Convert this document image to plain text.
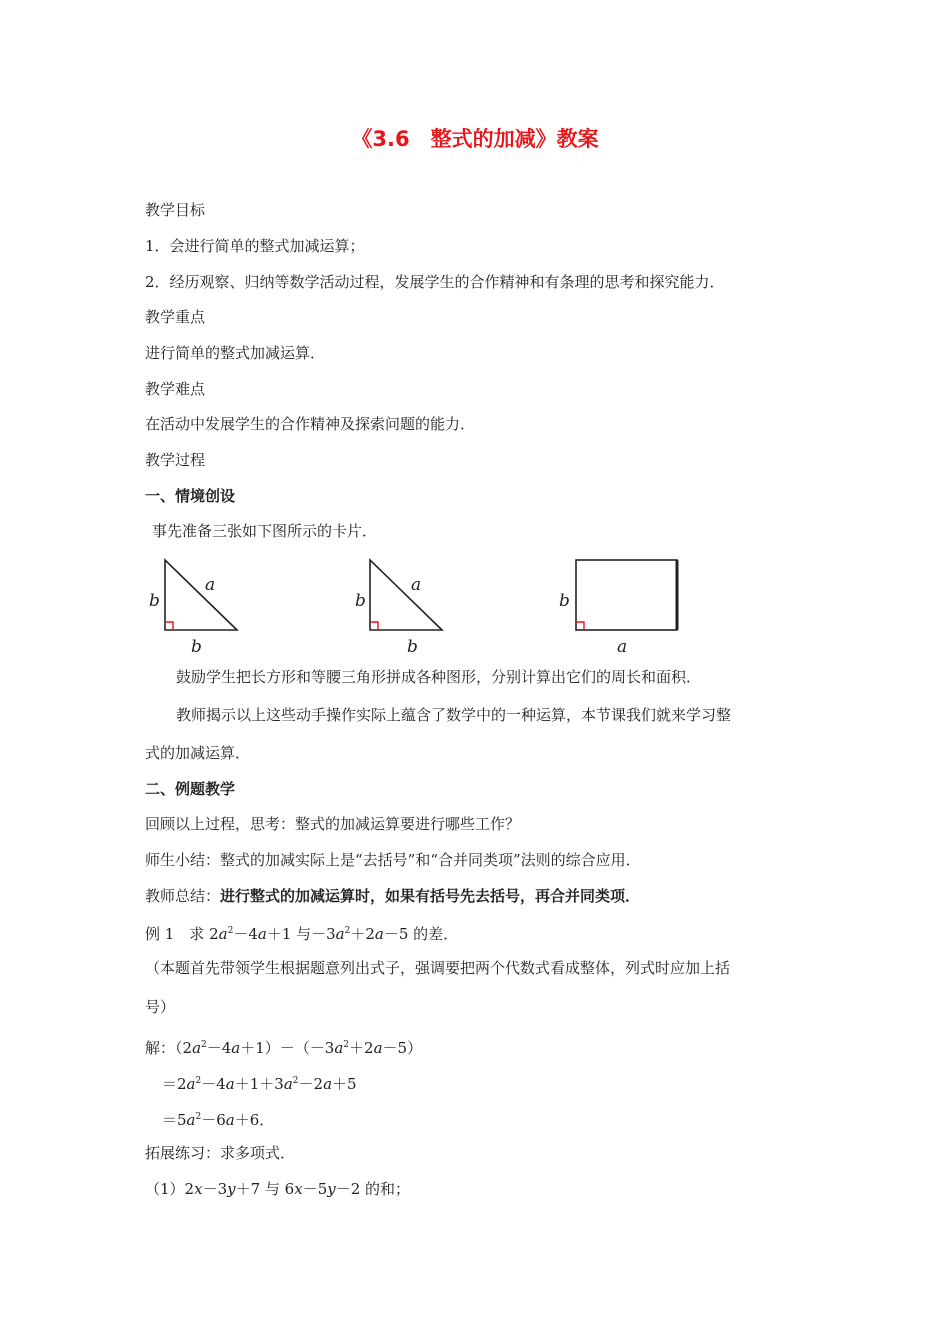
《3.6　整式的加减》教案
教学目标
1．会进行简单的整式加减运算；
2．经历观察、归纳等数学活动过程，发展学生的合作精神和有条理的思考和探究能力．
教学重点
进行简单的整式加减运算．
教学难点
在活动中发展学生的合作精神及探索问题的能力．
教学过程
一、情境创设
事先准备三张如下图所示的卡片．
b
a
b
b
a
b
b
a
鼓励学生把长方形和等腰三角形拼成各种图形，分别计算出它们的周长和面积．
教师揭示以上这些动手操作实际上蕴含了数学中的一种运算，本节课我们就来学习整
式的加减运算．
二、例题教学
回顾以上过程，思考：整式的加减运算要进行哪些工作？
师生小结：整式的加减实际上是“去括号”和“合并同类项”法则的综合应用．
教师总结：进行整式的加减运算时，如果有括号先去括号，再合并同类项．
例 1　求 $2a^2-4a+1$ 与$-3a^2+2a-5$ 的差．
（本题首先带领学生根据题意列出式子，强调要把两个代数式看成整体，列式时应加上括
号）
解：$(2a^2-4a+1)-(-3a^2+2a-5)$
$=2a^2-4a+1+3a^2-2a+5$
$=5a^2-6a+6$．
拓展练习：求多项式．
（1）2x－3y＋7 与 6x－5y－2 的和；
